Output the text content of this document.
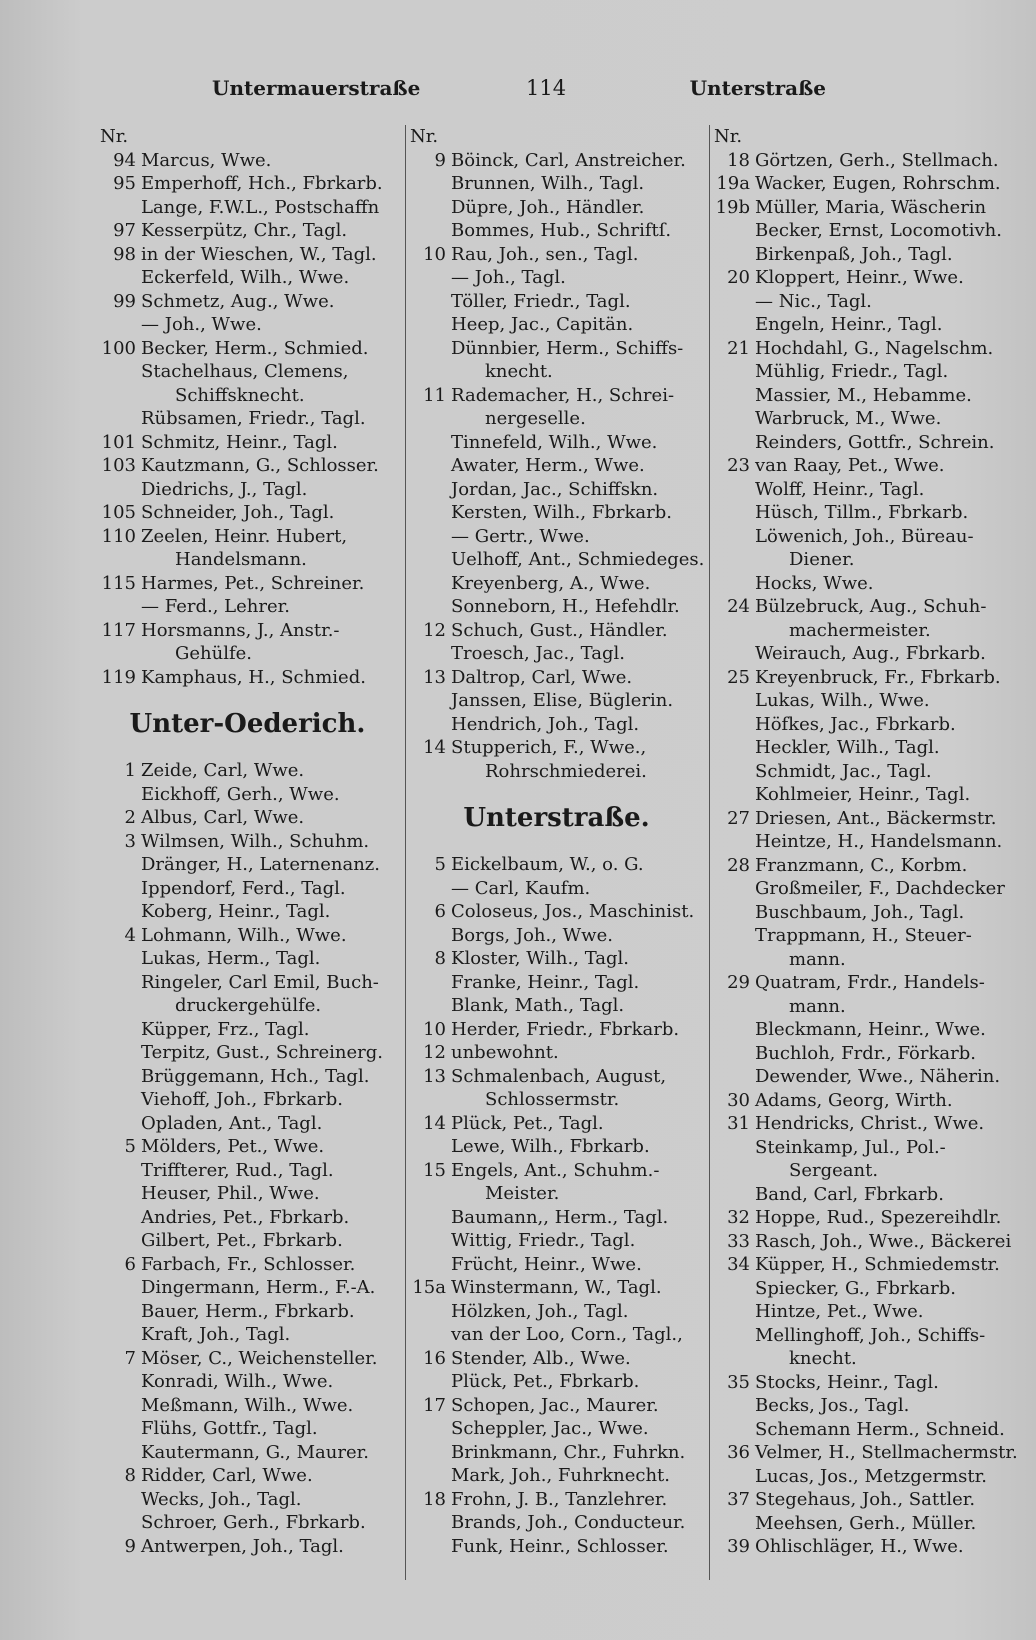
Untermauerstraße	114	Unterstraße
Nr.
94 Marcus, Wwe.
95 Emperhoff, Hch., Fbrkarb.
Lange, F.W.L., Postschaffn
97 Kesserpütz, Chr., Tagl.
98 in der Wieschen, W., Tagl.
Eckerfeld, Wilh., Wwe.
99 Schmetz, Aug., Wwe.
— Joh., Wwe.
100 Becker, Herm., Schmied.
Stachelhaus, Clemens,
Schiffsknecht.
Rübsamen, Friedr., Tagl.
101 Schmitz, Heinr., Tagl.
103 Kautzmann, G., Schlosser.
Diedrichs, J., Tagl.
105 Schneider, Joh., Tagl.
110 Zeelen, Heinr. Hubert,
Handelsmann.
115 Harmes, Pet., Schreiner.
— Ferd., Lehrer.
117 Horsmanns, J., Anstr.-
Gehülfe.
119 Kamphaus, H., Schmied.
Unter-Oederich.
1 Zeide, Carl, Wwe.
Eickhoff, Gerh., Wwe.
2 Albus, Carl, Wwe.
3 Wilmsen, Wilh., Schuhm.
Dränger, H., Laternenanz.
Ippendorf, Ferd., Tagl.
Koberg, Heinr., Tagl.
4 Lohmann, Wilh., Wwe.
Lukas, Herm., Tagl.
Ringeler, Carl Emil, Buch-
druckergehülfe.
Küpper, Frz., Tagl.
Terpitz, Gust., Schreinerg.
Brüggemann, Hch., Tagl.
Viehoff, Joh., Fbrkarb.
Opladen, Ant., Tagl.
5 Mölders, Pet., Wwe.
Triffterer, Rud., Tagl.
Heuser, Phil., Wwe.
Andries, Pet., Fbrkarb.
Gilbert, Pet., Fbrkarb.
6 Farbach, Fr., Schlosser.
Dingermann, Herm., F.-A.
Bauer, Herm., Fbrkarb.
Kraft, Joh., Tagl.
7 Möser, C., Weichensteller.
Konradi, Wilh., Wwe.
Meßmann, Wilh., Wwe.
Flühs, Gottfr., Tagl.
Kautermann, G., Maurer.
8 Ridder, Carl, Wwe.
Wecks, Joh., Tagl.
Schroer, Gerh., Fbrkarb.
9 Antwerpen, Joh., Tagl.
Nr.
9 Böinck, Carl, Anstreicher.
Brunnen, Wilh., Tagl.
Düpre, Joh., Händler.
Bommes, Hub., Schriftſ.
10 Rau, Joh., sen., Tagl.
— Joh., Tagl.
Töller, Friedr., Tagl.
Heep, Jac., Capitän.
Dünnbier, Herm., Schiffs-
knecht.
11 Rademacher, H., Schrei-
nergeselle.
Tinnefeld, Wilh., Wwe.
Awater, Herm., Wwe.
Jordan, Jac., Schiffskn.
Kersten, Wilh., Fbrkarb.
— Gertr., Wwe.
Uelhoff, Ant., Schmiedeges.
Kreyenberg, A., Wwe.
Sonneborn, H., Hefehdlr.
12 Schuch, Gust., Händler.
Troesch, Jac., Tagl.
13 Daltrop, Carl, Wwe.
Janssen, Elise, Büglerin.
Hendrich, Joh., Tagl.
14 Stupperich, F., Wwe.,
Rohrschmiederei.
Unterstraße.
5 Eickelbaum, W., o. G.
— Carl, Kaufm.
6 Coloseus, Jos., Maschinist.
Borgs, Joh., Wwe.
8 Kloster, Wilh., Tagl.
Franke, Heinr., Tagl.
Blank, Math., Tagl.
10 Herder, Friedr., Fbrkarb.
12 unbewohnt.
13 Schmalenbach, August,
Schlossermstr.
14 Plück, Pet., Tagl.
Lewe, Wilh., Fbrkarb.
15 Engels, Ant., Schuhm.-
Meister.
Baumann,, Herm., Tagl.
Wittig, Friedr., Tagl.
Frücht, Heinr., Wwe.
15a Winstermann, W., Tagl.
Hölzken, Joh., Tagl.
van der Loo, Corn., Tagl.,
16 Stender, Alb., Wwe.
Plück, Pet., Fbrkarb.
17 Schopen, Jac., Maurer.
Scheppler, Jac., Wwe.
Brinkmann, Chr., Fuhrkn.
Mark, Joh., Fuhrknecht.
18 Frohn, J. B., Tanzlehrer.
Brands, Joh., Conducteur.
Funk, Heinr., Schlosser.
Nr.
18 Görtzen, Gerh., Stellmach.
19a Wacker, Eugen, Rohrschm.
19b Müller, Maria, Wäscherin
Becker, Ernst, Locomotivh.
Birkenpaß, Joh., Tagl.
20 Kloppert, Heinr., Wwe.
— Nic., Tagl.
Engeln, Heinr., Tagl.
21 Hochdahl, G., Nagelschm.
Mühlig, Friedr., Tagl.
Massier, M., Hebamme.
Warbruck, M., Wwe.
Reinders, Gottfr., Schrein.
23 van Raay, Pet., Wwe.
Wolff, Heinr., Tagl.
Hüsch, Tillm., Fbrkarb.
Löwenich, Joh., Büreau-
Diener.
Hocks, Wwe.
24 Bülzebruck, Aug., Schuh-
machermeister.
Weirauch, Aug., Fbrkarb.
25 Kreyenbruck, Fr., Fbrkarb.
Lukas, Wilh., Wwe.
Höfkes, Jac., Fbrkarb.
Heckler, Wilh., Tagl.
Schmidt, Jac., Tagl.
Kohlmeier, Heinr., Tagl.
27 Driesen, Ant., Bäckermstr.
Heintze, H., Handelsmann.
28 Franzmann, C., Korbm.
Großmeiler, F., Dachdecker
Buschbaum, Joh., Tagl.
Trappmann, H., Steuer-
mann.
29 Quatram, Frdr., Handels-
mann.
Bleckmann, Heinr., Wwe.
Buchloh, Frdr., Förkarb.
Dewender, Wwe., Näherin.
30 Adams, Georg, Wirth.
31 Hendricks, Christ., Wwe.
Steinkamp, Jul., Pol.-
Sergeant.
Band, Carl, Fbrkarb.
32 Hoppe, Rud., Spezereihdlr.
33 Rasch, Joh., Wwe., Bäckerei
34 Küpper, H., Schmiedemstr.
Spiecker, G., Fbrkarb.
Hintze, Pet., Wwe.
Mellinghoff, Joh., Schiffs-
knecht.
35 Stocks, Heinr., Tagl.
Becks, Jos., Tagl.
Schemann Herm., Schneid.
36 Velmer, H., Stellmachermstr.
Lucas, Jos., Metzgermstr.
37 Stegehaus, Joh., Sattler.
Meehsen, Gerh., Müller.
39 Ohlischläger, H., Wwe.
